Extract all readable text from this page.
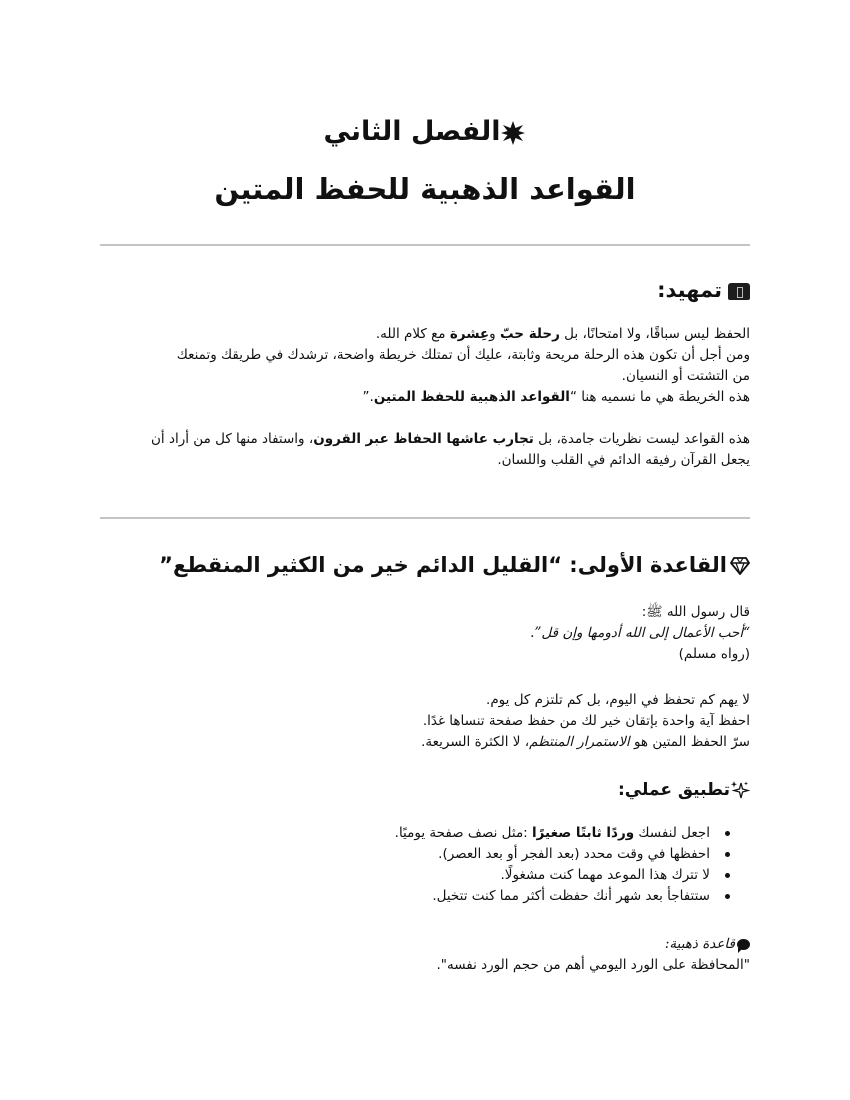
الفصل الثاني
القواعد الذهبية للحفظ المتين
تمهيد:
الحفظ ليس سباقًا، ولا امتحانًا، بل رحلة حبّ وعِشرة مع كلام الله.
ومن أجل أن تكون هذه الرحلة مريحة وثابتة، عليك أن تمتلك خريطة واضحة، ترشدك في طريقك وتمنعك
من التشتت أو النسيان.
هذه الخريطة هي ما نسميه هنا “القواعد الذهبية للحفظ المتين.”
هذه القواعد ليست نظريات جامدة، بل تجارب عاشها الحفاظ عبر القرون، واستفاد منها كل من أراد أن
يجعل القرآن رفيقه الدائم في القلب واللسان.
القاعدة الأولى: “القليل الدائم خير من الكثير المنقطع”
قال رسول الله ﷺ:
“أحب الأعمال إلى الله أدومها وإن قل”.
(رواه مسلم)
لا يهم كم تحفظ في اليوم، بل كم تلتزم كل يوم.
احفظ آية واحدة بإتقان خير لك من حفظ صفحة تنساها غدًا.
سرّ الحفظ المتين هو الاستمرار المنتظم، لا الكثرة السريعة.
تطبيق عملي:
اجعل لنفسك وردًا ثابتًا صغيرًا :مثل نصف صفحة يوميًا.
احفظها في وقت محدد (بعد الفجر أو بعد العصر).
لا تترك هذا الموعد مهما كنت مشغولًا.
ستتفاجأ بعد شهر أنك حفظت أكثر مما كنت تتخيل.
قاعدة ذهبية:
"المحافظة على الورد اليومي أهم من حجم الورد نفسه".
